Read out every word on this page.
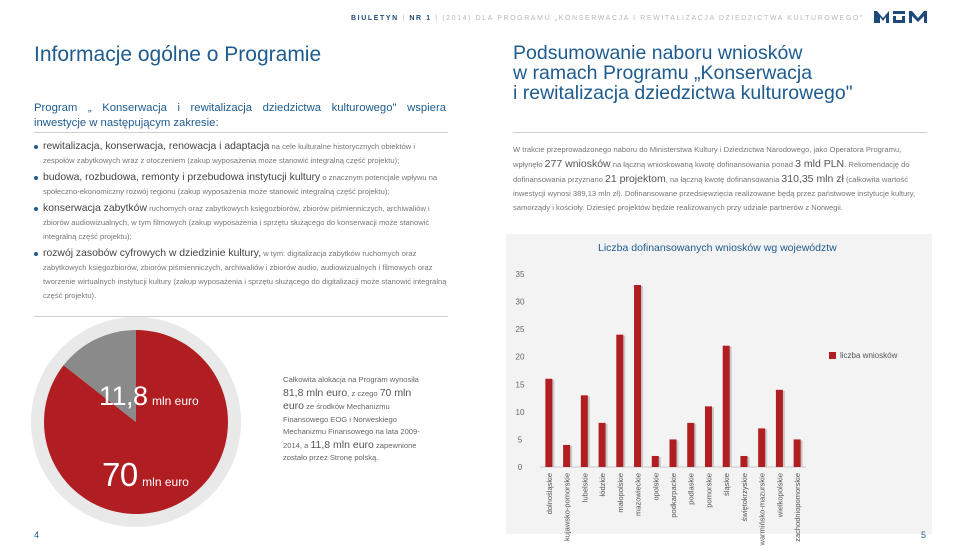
BIULETYN | NR 1 | (2014) DLA PROGRAMU „KONSERWACJA I REWITALIZACJA DZIEDZICTWA KULTUROWEGO"
Informacje ogólne o Programie
Program „ Konserwacja i rewitalizacja dziedzictwa kulturowego" wspiera inwestycje w następującym zakresie:
rewitalizacja, konserwacja, renowacja i adaptacja na cele kulturalne historycznych obiektów i zespołów zabytkowych wraz z otoczeniem (zakup wyposażenia może stanowić integralną część projektu);
budowa, rozbudowa, remonty i przebudowa instytucji kultury o znacznym potencjale wpływu na społeczno-ekonomiczny rozwój regionu (zakup wyposażenia może stanowić integralną część projektu);
konserwacja zabytków ruchomych oraz zabytkowych księgozbiorów, zbiorów piśmienniczych, archiwaliów i zbiorów audiowizualnych, w tym filmowych (zakup wyposażenia i sprzętu służącego do konserwacji może stanowić integralną część projektu);
rozwój zasobów cyfrowych w dziedzinie kultury, w tym: digitalizacja zabytków ruchomych oraz zabytkowych księgozbiorów, zbiorów piśmienniczych, archiwaliów i zbiorów audio, audiowizualnych i filmowych oraz tworzenie wirtualnych instytucji kultury (zakup wyposażenia i sprzętu służącego do digitalizacji może stanowić integralną część projektu).
11,8 mln euro
70 mln euro
Całkowita alokacja na Program wynosiła 81,8 mln euro, z czego 70 mln euro ze środków Mechanizmu Finansowego EOG i Norweskiego Mechanizmu Finansowego na lata 2009-2014, a 11,8 mln euro zapewnione zostało przez Stronę polską.
4
Podsumowanie naboru wniosków
w ramach Programu „Konserwacja
i rewitalizacja dziedzictwa kulturowego"
W trakcie przeprowadzonego naboru do Ministerstwa Kultury i Dziedzictwa Narodowego, jako Operatora Programu, wpłynęło 277 wniosków na łączną wnioskowaną kwotę dofinansowania ponad 3 mld PLN. Rekomendację do dofinansowania przyznano 21 projektom, na łączną kwotę dofinansowania 310,35 mln zł (całkowita wartość inwestycji wynosi 389,13 mln zł). Dofinansowane przedsięwzięcia realizowane będą przez państwowe instytucje kultury, samorządy i kościoły. Dziesięć projektów będzie realizowanych przy udziale partnerów z Norwegii.
0
5
10
15
20
25
30
35
dolnośląskie kujawsko-pomorskie lubelskie łódzkie małopolskie mazowieckie opolskie podkarpackie podlaskie pomorskie śląskie świętokrzyskie warmińsko-mazurskie wielkopolskie zachodniopomorskie
Liczba dofinansowanych wniosków wg województw
liczba wniosków
5
